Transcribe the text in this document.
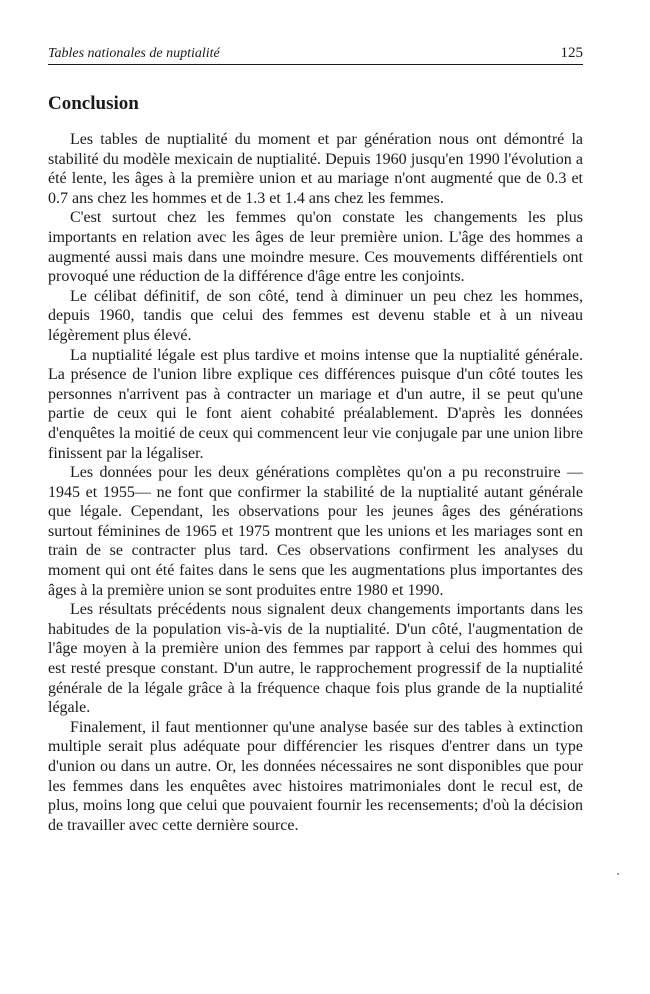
Tables nationales de nuptialité	125
Conclusion

Les tables de nuptialité du moment et par génération nous ont démontré la stabilité du modèle mexicain de nuptialité. Depuis 1960 jusqu'en 1990 l'évolution a été lente, les âges à la première union et au mariage n'ont augmenté que de 0.3 et 0.7 ans chez les hommes et de 1.3 et 1.4 ans chez les femmes.

C'est surtout chez les femmes qu'on constate les changements les plus importants en relation avec les âges de leur première union. L'âge des hommes a augmenté aussi mais dans une moindre mesure. Ces mouvements différentiels ont provoqué une réduction de la différence d'âge entre les conjoints.

Le célibat définitif, de son côté, tend à diminuer un peu chez les hommes, depuis 1960, tandis que celui des femmes est devenu stable et à un niveau légèrement plus élevé.

La nuptialité légale est plus tardive et moins intense que la nuptialité générale. La présence de l'union libre explique ces différences puisque d'un côté toutes les personnes n'arrivent pas à contracter un mariage et d'un autre, il se peut qu'une partie de ceux qui le font aient cohabité préalablement. D'après les données d'enquêtes la moitié de ceux qui commencent leur vie conjugale par une union libre finissent par la légaliser.

Les données pour les deux générations complètes qu'on a pu reconstruire —1945 et 1955— ne font que confirmer la stabilité de la nuptialité autant générale que légale. Cependant, les observations pour les jeunes âges des générations surtout féminines de 1965 et 1975 montrent que les unions et les mariages sont en train de se contracter plus tard. Ces observations confirment les analyses du moment qui ont été faites dans le sens que les augmentations plus importantes des âges à la première union se sont produites entre 1980 et 1990.

Les résultats précédents nous signalent deux changements importants dans les habitudes de la population vis-à-vis de la nuptialité. D'un côté, l'augmentation de l'âge moyen à la première union des femmes par rapport à celui des hommes qui est resté presque constant. D'un autre, le rapprochement progressif de la nuptialité générale de la légale grâce à la fréquence chaque fois plus grande de la nuptialité légale.

Finalement, il faut mentionner qu'une analyse basée sur des tables à extinction multiple serait plus adéquate pour différencier les risques d'entrer dans un type d'union ou dans un autre. Or, les données nécessaires ne sont disponibles que pour les femmes dans les enquêtes avec histoires matrimoniales dont le recul est, de plus, moins long que celui que pouvaient fournir les recensements; d'où la décision de travailler avec cette dernière source.
